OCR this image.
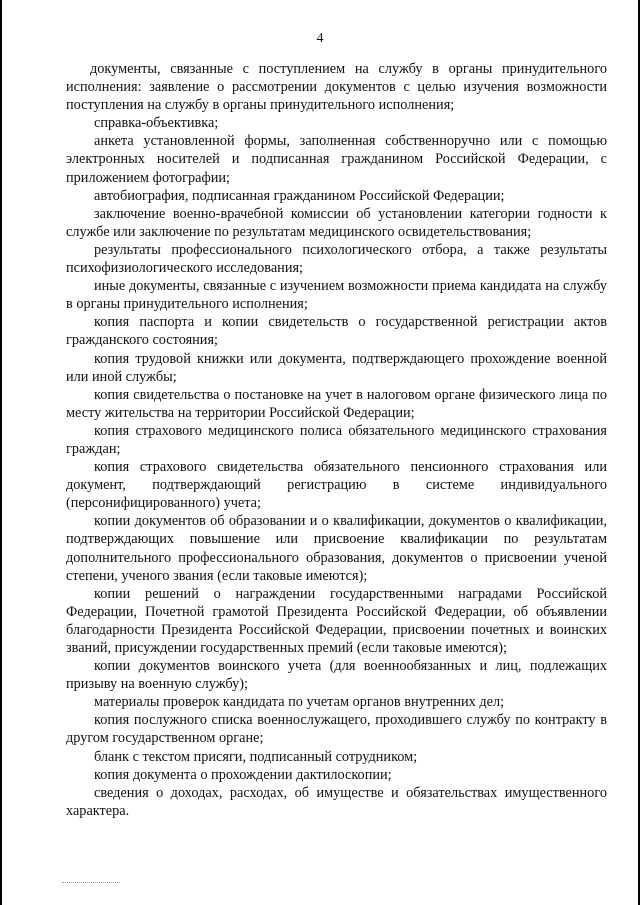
4

документы, связанные с поступлением на службу в органы принудительного исполнения: заявление о рассмотрении документов с целью изучения возможности поступления на службу в органы принудительного исполнения;

справка-объективка;

анкета установленной формы, заполненная собственноручно или с помощью электронных носителей и подписанная гражданином Российской Федерации, с приложением фотографии;

автобиография, подписанная гражданином Российской Федерации;

заключение военно-врачебной комиссии об установлении категории годности к службе или заключение по результатам медицинского освидетельствования;

результаты профессионального психологического отбора, а также результаты психофизиологического исследования;

иные документы, связанные с изучением возможности приема кандидата на службу в органы принудительного исполнения;

копия паспорта и копии свидетельств о государственной регистрации актов гражданского состояния;

копия трудовой книжки или документа, подтверждающего прохождение военной или иной службы;

копия свидетельства о постановке на учет в налоговом органе физического лица по месту жительства на территории Российской Федерации;

копия страхового медицинского полиса обязательного медицинского страхования граждан;

копия страхового свидетельства обязательного пенсионного страхования или документ, подтверждающий регистрацию в системе индивидуального (персонифицированного) учета;

копии документов об образовании и о квалификации, документов о квалификации, подтверждающих повышение или присвоение квалификации по результатам дополнительного профессионального образования, документов о присвоении ученой степени, ученого звания (если таковые имеются);

копии решений о награждении государственными наградами Российской Федерации, Почетной грамотой Президента Российской Федерации, об объявлении благодарности Президента Российской Федерации, присвоении почетных и воинских званий, присуждении государственных премий (если таковые имеются);

копии документов воинского учета (для военнообязанных и лиц, подлежащих призыву на военную службу);

материалы проверок кандидата по учетам органов внутренних дел;

копия послужного списка военнослужащего, проходившего службу по контракту в другом государственном органе;

бланк с текстом присяги, подписанный сотрудником;

копия документа о прохождении дактилоскопии;

сведения о доходах, расходах, об имуществе и обязательствах имущественного характера.
